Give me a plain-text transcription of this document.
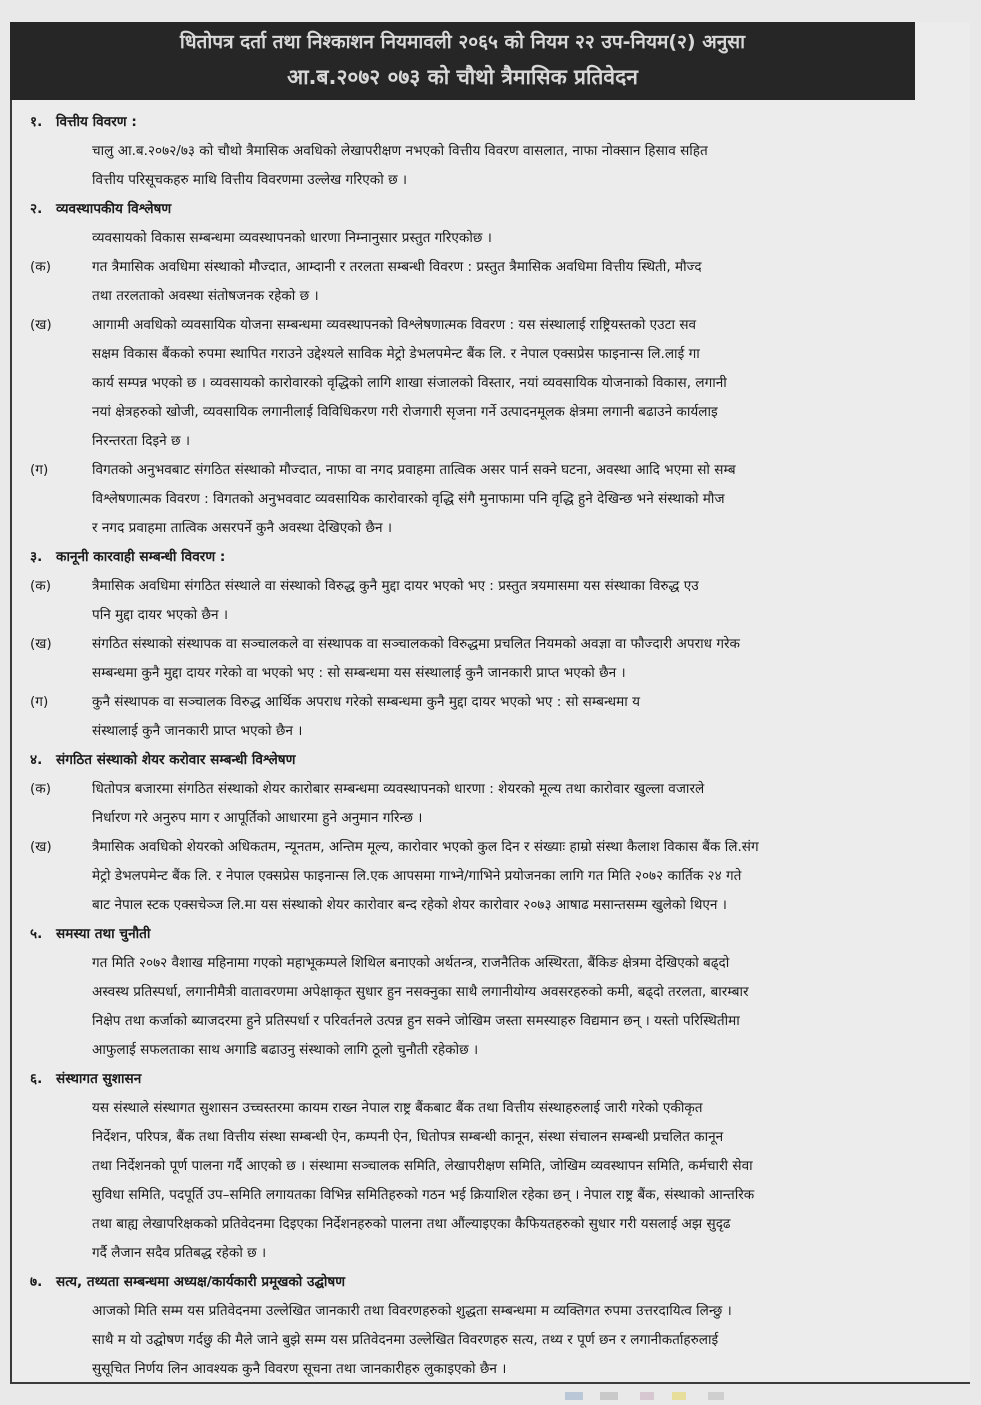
धितोपत्र दर्ता तथा निश्काशन नियमावली २०६५ को नियम २२ उप-नियम(२) अनुसा
आ.ब.२०७२ ०७३ को चौथो त्रैमासिक प्रतिवेदन
१. वित्तीय विवरण :
चालु आ.ब.२०७२/७३ को चौथो त्रैमासिक अवधिको लेखापरीक्षण नभएको वित्तीय विवरण वासलात, नाफा नोक्सान हिसाव सहित
वित्तीय परिसूचकहरु माथि वित्तीय विवरणमा उल्लेख गरिएको छ ।
२. व्यवस्थापकीय विश्लेषण
व्यवसायको विकास सम्बन्धमा व्यवस्थापनको धारणा निम्नानुसार प्रस्तुत गरिएकोछ ।
(क)	गत त्रैमासिक अवधिमा संस्थाको मौज्दात, आम्दानी र तरलता सम्बन्धी विवरण : प्रस्तुत त्रैमासिक अवधिमा वित्तीय स्थिती, मौज्द
तथा तरलताको अवस्था संतोषजनक रहेको छ ।
(ख)	आगामी अवधिको व्यवसायिक योजना सम्बन्धमा व्यवस्थापनको विश्लेषणात्मक विवरण : यस संस्थालाई राष्ट्रियस्तको एउटा सव
सक्षम विकास बैंकको रुपमा स्थापित गराउने उद्देश्यले साविक मेट्रो डेभलपमेन्ट बैंक लि. र नेपाल एक्सप्रेस फाइनान्स लि.लाई गा
कार्य सम्पन्न भएको छ । व्यवसायको कारोवारको वृद्धिको लागि शाखा संजालको विस्तार, नयां व्यवसायिक योजनाको विकास, लगानी
नयां क्षेत्रहरुको खोजी, व्यवसायिक लगानीलाई विविधिकरण गरी रोजगारी सृजना गर्ने उत्पादनमूलक क्षेत्रमा लगानी बढाउने कार्यलाइ
निरन्तरता दिइने छ ।
(ग)	विगतको अनुभवबाट संगठित संस्थाको मौज्दात, नाफा वा नगद प्रवाहमा तात्विक असर पार्न सक्ने घटना, अवस्था आदि भएमा सो सम्ब
विश्लेषणात्मक विवरण : विगतको अनुभववाट व्यवसायिक कारोवारको वृद्धि संगै मुनाफामा पनि वृद्धि हुने देखिन्छ भने संस्थाको मौज
र नगद प्रवाहमा तात्विक असरपर्ने कुनै अवस्था देखिएको छैन ।
३. कानूनी कारवाही सम्बन्धी विवरण :
(क)	त्रैमासिक अवधिमा संगठित संस्थाले वा संस्थाको विरुद्ध कुनै मुद्दा दायर भएको भए : प्रस्तुत त्रयमासमा यस संस्थाका विरुद्ध एउ
पनि मुद्दा दायर भएको छैन ।
(ख)	संगठित संस्थाको संस्थापक वा सञ्चालकले वा संस्थापक वा सञ्चालकको विरुद्धमा प्रचलित नियमको अवज्ञा वा फौज्दारी अपराध गरेक
सम्बन्धमा कुनै मुद्दा दायर गरेको वा भएको भए : सो सम्बन्धमा यस संस्थालाई कुनै जानकारी प्राप्त भएको छैन ।
(ग)	कुनै संस्थापक वा सञ्चालक विरुद्ध आर्थिक अपराध गरेको सम्बन्धमा कुनै मुद्दा दायर भएको भए : सो सम्बन्धमा य
संस्थालाई कुनै जानकारी प्राप्त भएको छैन ।
४. संगठित संस्थाको शेयर करोवार सम्बन्धी विश्लेषण
(क)	धितोपत्र बजारमा संगठित संस्थाको शेयर कारोबार सम्बन्धमा व्यवस्थापनको धारणा : शेयरको मूल्य तथा कारोवार खुल्ला वजारले
निर्धारण गरे अनुरुप माग र आपूर्तिको आधारमा हुने अनुमान गरिन्छ ।
(ख)	त्रैमासिक अवधिको शेयरको अधिकतम, न्यूनतम, अन्तिम मूल्य, कारोवार भएको कुल दिन र संख्याः हाम्रो संस्था कैलाश विकास बैंक लि.संग
मेट्रो डेभलपमेन्ट बैंक लि. र नेपाल एक्सप्रेस फाइनान्स लि.एक आपसमा गाभ्ने/गाभिने प्रयोजनका लागि गत मिति २०७२ कार्तिक २४ गते
बाट नेपाल स्टक एक्सचेञ्ज लि.मा यस संस्थाको शेयर कारोवार बन्द रहेको शेयर कारोवार २०७३ आषाढ मसान्तसम्म खुलेको थिएन ।
५. समस्या तथा चुनौती
गत मिति २०७२ वैशाख महिनामा गएको महाभूकम्पले शिथिल बनाएको अर्थतन्त्र, राजनैतिक अस्थिरता, बैंकिङ क्षेत्रमा देखिएको बढ्दो
अस्वस्थ प्रतिस्पर्धा, लगानीमैत्री वातावरणमा अपेक्षाकृत सुधार हुन नसक्नुका साथै लगानीयोग्य अवसरहरुको कमी, बढ्दो तरलता, बारम्बार
निक्षेप तथा कर्जाको ब्याजदरमा हुने प्रतिस्पर्धा र परिवर्तनले उत्पन्न हुन सक्ने जोखिम जस्ता समस्याहरु विद्यमान छन् । यस्तो परिस्थितीमा
आफुलाई सफलताका साथ अगाडि बढाउनु संस्थाको लागि ठूलो चुनौती रहेकोछ ।
६. संस्थागत सुशासन
यस संस्थाले संस्थागत सुशासन उच्चस्तरमा कायम राख्न नेपाल राष्ट्र बैंकबाट बैंक तथा वित्तीय संस्थाहरुलाई जारी गरेको एकीकृत
निर्देशन, परिपत्र, बैंक तथा वित्तीय संस्था सम्बन्धी ऐन, कम्पनी ऐन, धितोपत्र सम्बन्धी कानून, संस्था संचालन सम्बन्धी प्रचलित कानून
तथा निर्देशनको पूर्ण पालना गर्दै आएको छ । संस्थामा सञ्चालक समिति, लेखापरीक्षण समिति, जोखिम व्यवस्थापन समिति, कर्मचारी सेवा
सुविधा समिति, पदपूर्ति उप–समिति लगायतका विभिन्न समितिहरुको गठन भई क्रियाशिल रहेका छन् । नेपाल राष्ट्र बैंक, संस्थाको आन्तरिक
तथा बाह्य लेखापरिक्षकको प्रतिवेदनमा दिइएका निर्देशनहरुको पालना तथा औंल्याइएका कैफियतहरुको सुधार गरी यसलाई अझ सुदृढ
गर्दै लैजान सदैव प्रतिबद्ध रहेको छ ।
७. सत्य, तथ्यता सम्बन्धमा अध्यक्ष/कार्यकारी प्रमूखको उद्घोषण
आजको मिति सम्म यस प्रतिवेदनमा उल्लेखित जानकारी तथा विवरणहरुको शुद्धता सम्बन्धमा म व्यक्तिगत रुपमा उत्तरदायित्व लिन्छु ।
साथै म यो उद्घोषण गर्दछु की मैले जाने बुझे सम्म यस प्रतिवेदनमा उल्लेखित विवरणहरु सत्य, तथ्य र पूर्ण छन र लगानीकर्ताहरुलाई
सुसूचित निर्णय लिन आवश्यक कुनै विवरण सूचना तथा जानकारीहरु लुकाइएको छैन ।
